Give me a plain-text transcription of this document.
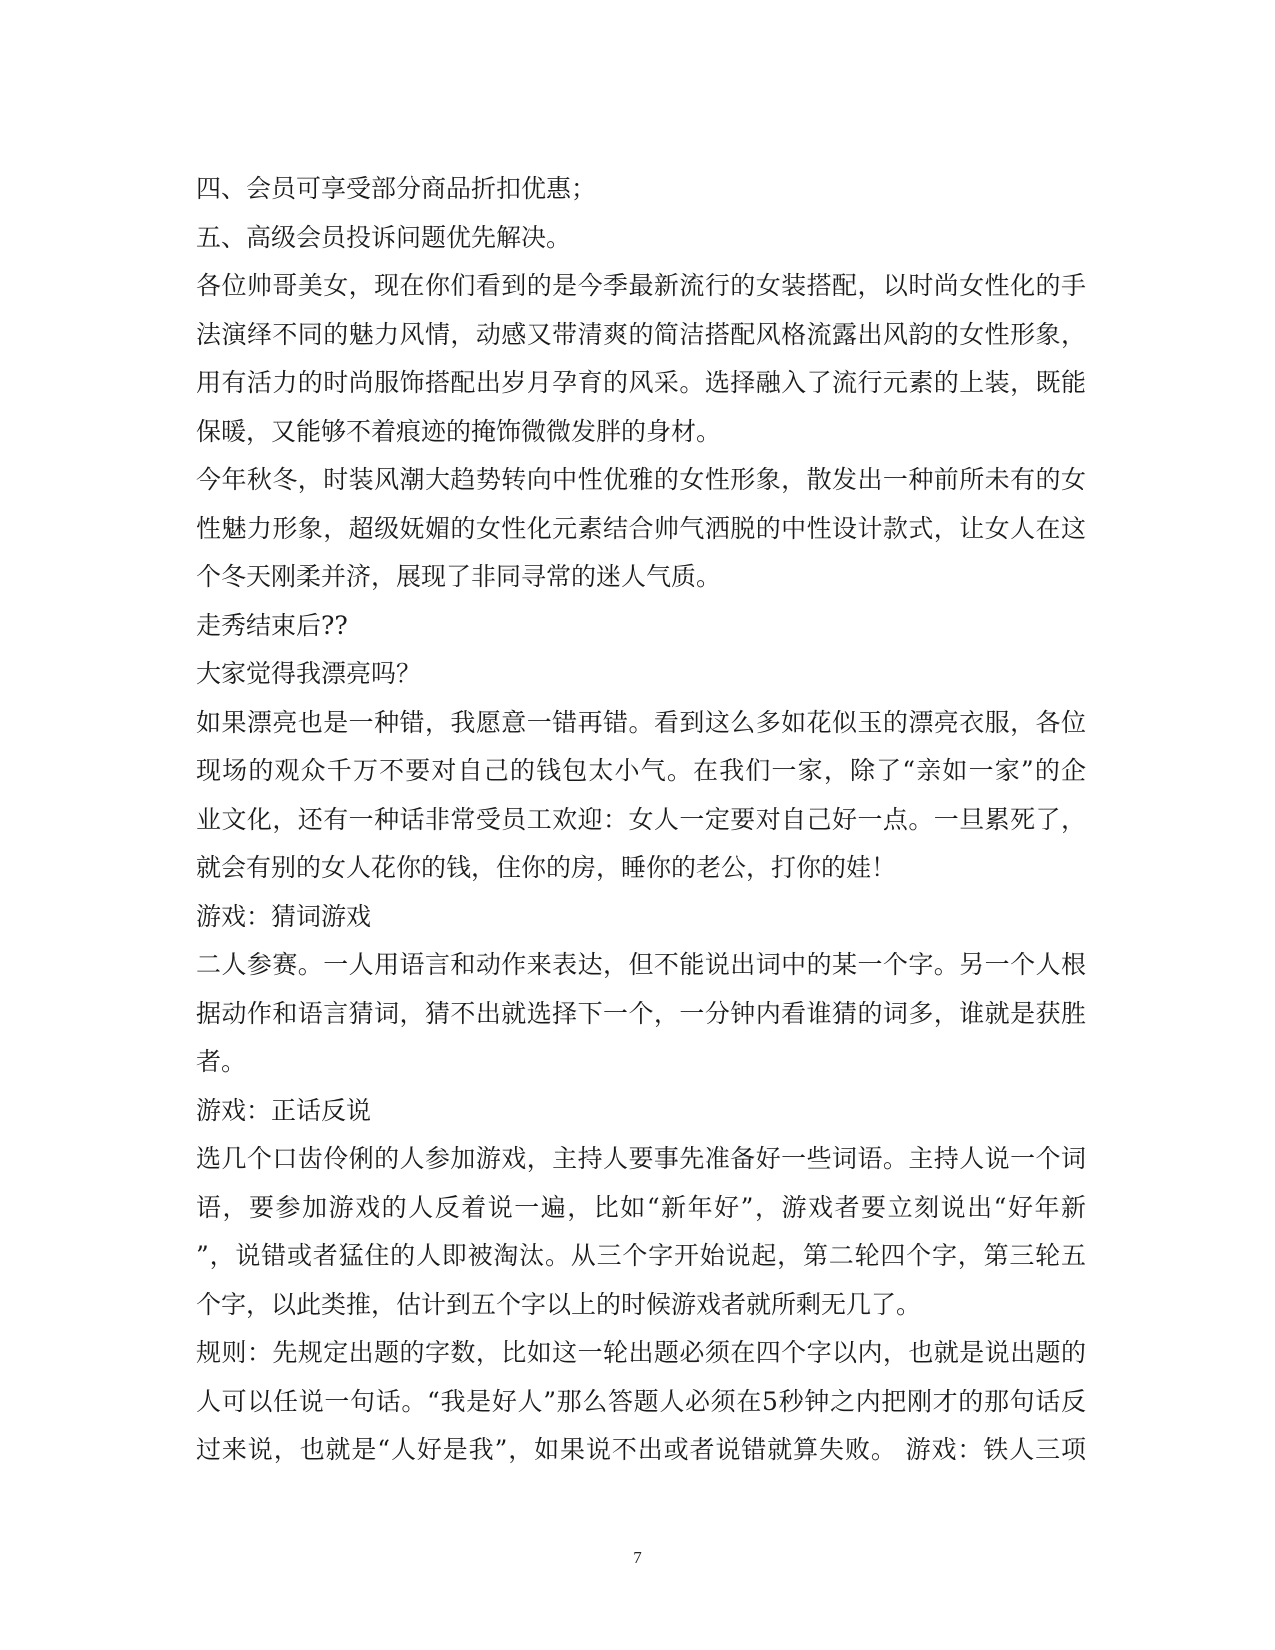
四、会员可享受部分商品折扣优惠；
五、高级会员投诉问题优先解决。
各位帅哥美女，现在你们看到的是今季最新流行的女装搭配，以时尚女性化的手
法演绎不同的魅力风情，动感又带清爽的简洁搭配风格流露出风韵的女性形象，
用有活力的时尚服饰搭配出岁月孕育的风采。选择融入了流行元素的上装，既能
保暖，又能够不着痕迹的掩饰微微发胖的身材。
今年秋冬，时装风潮大趋势转向中性优雅的女性形象，散发出一种前所未有的女
性魅力形象，超级妩媚的女性化元素结合帅气洒脱的中性设计款式，让女人在这
个冬天刚柔并济，展现了非同寻常的迷人气质。
走秀结束后??
大家觉得我漂亮吗？
如果漂亮也是一种错，我愿意一错再错。看到这么多如花似玉的漂亮衣服，各位
现场的观众千万不要对自己的钱包太小气。在我们一家，除了“亲如一家”的企
业文化，还有一种话非常受员工欢迎：女人一定要对自己好一点。一旦累死了，
就会有别的女人花你的钱，住你的房，睡你的老公，打你的娃！
游戏：猜词游戏
二人参赛。一人用语言和动作来表达，但不能说出词中的某一个字。另一个人根
据动作和语言猜词，猜不出就选择下一个，一分钟内看谁猜的词多，谁就是获胜
者。
游戏：正话反说
选几个口齿伶俐的人参加游戏，主持人要事先准备好一些词语。主持人说一个词
语，要参加游戏的人反着说一遍，比如“新年好”，游戏者要立刻说出“好年新
”，说错或者猛住的人即被淘汰。从三个字开始说起，第二轮四个字，第三轮五
个字，以此类推，估计到五个字以上的时候游戏者就所剩无几了。
规则：先规定出题的字数，比如这一轮出题必须在四个字以内，也就是说出题的
人可以任说一句话。“我是好人”那么答题人必须在5秒钟之内把刚才的那句话反
过来说，也就是“人好是我”，如果说不出或者说错就算失败。 游戏：铁人三项
7
